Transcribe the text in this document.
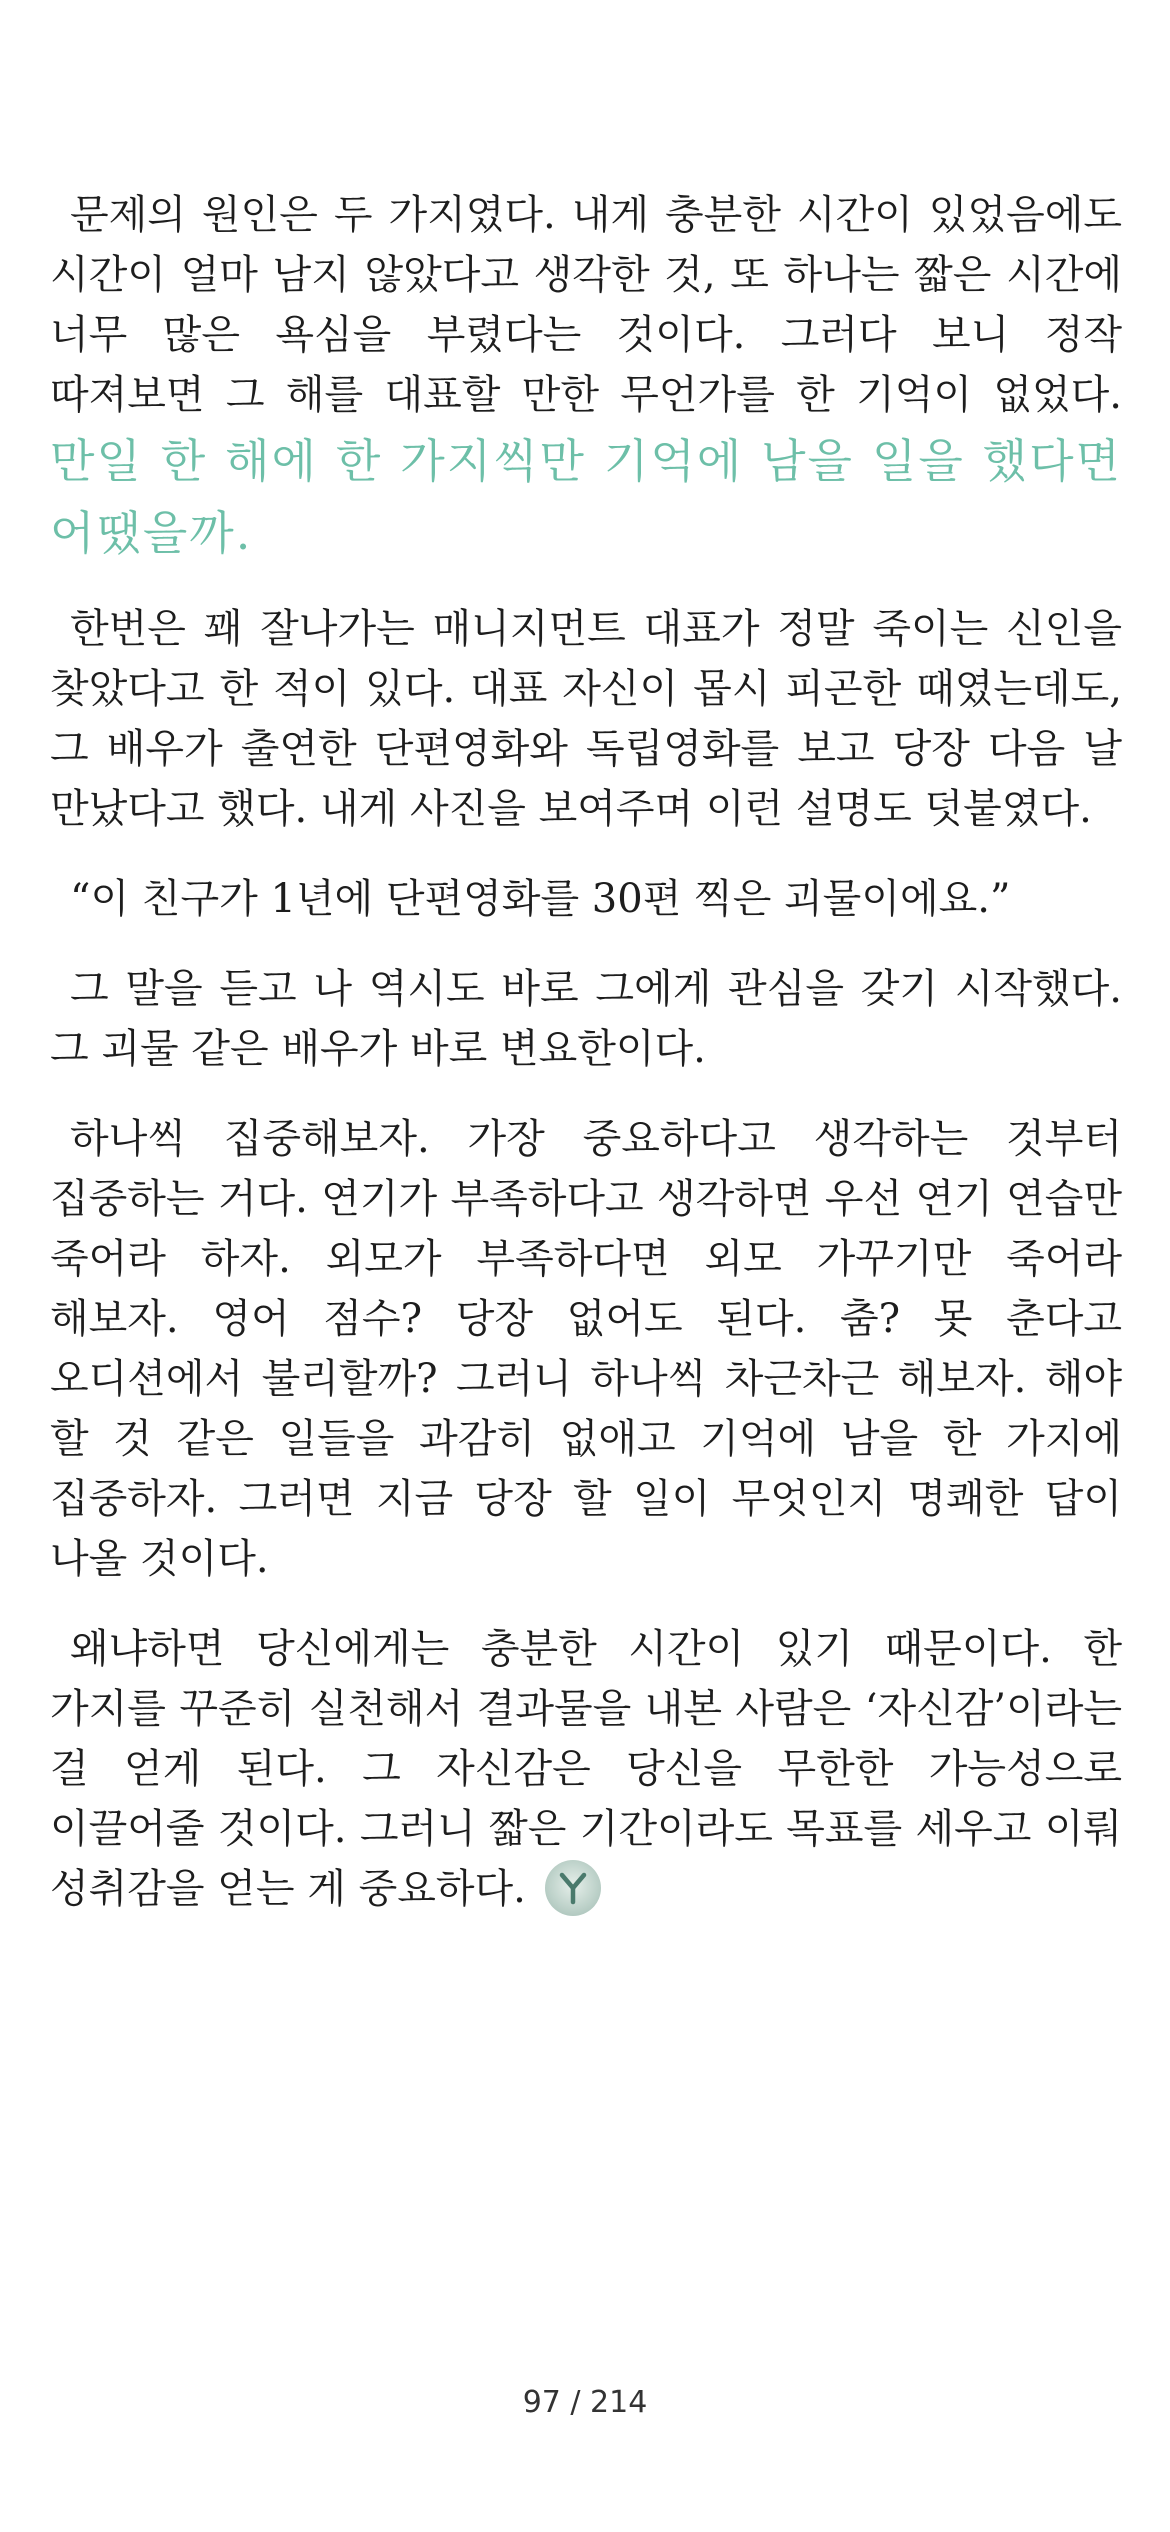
문제의 원인은 두 가지였다. 내게 충분한 시간이 있었음에도 시간이 얼마 남지 않았다고 생각한 것, 또 하나는 짧은 시간에 너무 많은 욕심을 부렸다는 것이다. 그러다 보니 정작 따져보면 그 해를 대표할 만한 무언가를 한 기억이 없었다. 만일 한 해에 한 가지씩만 기억에 남을 일을 했다면 어땠을까.

한번은 꽤 잘나가는 매니지먼트 대표가 정말 죽이는 신인을 찾았다고 한 적이 있다. 대표 자신이 몹시 피곤한 때였는데도, 그 배우가 출연한 단편영화와 독립영화를 보고 당장 다음 날 만났다고 했다. 내게 사진을 보여주며 이런 설명도 덧붙였다.

“이 친구가 1년에 단편영화를 30편 찍은 괴물이에요.”

그 말을 듣고 나 역시도 바로 그에게 관심을 갖기 시작했다. 그 괴물 같은 배우가 바로 변요한이다.

하나씩 집중해보자. 가장 중요하다고 생각하는 것부터 집중하는 거다. 연기가 부족하다고 생각하면 우선 연기 연습만 죽어라 하자. 외모가 부족하다면 외모 가꾸기만 죽어라 해보자. 영어 점수? 당장 없어도 된다. 춤? 못 춘다고 오디션에서 불리할까? 그러니 하나씩 차근차근 해보자. 해야 할 것 같은 일들을 과감히 없애고 기억에 남을 한 가지에 집중하자. 그러면 지금 당장 할 일이 무엇인지 명쾌한 답이 나올 것이다.

왜냐하면 당신에게는 충분한 시간이 있기 때문이다. 한 가지를 꾸준히 실천해서 결과물을 내본 사람은 ‘자신감’이라는 걸 얻게 된다. 그 자신감은 당신을 무한한 가능성으로 이끌어줄 것이다. 그러니 짧은 기간이라도 목표를 세우고 이뤄 성취감을 얻는 게 중요하다.

97 / 214
